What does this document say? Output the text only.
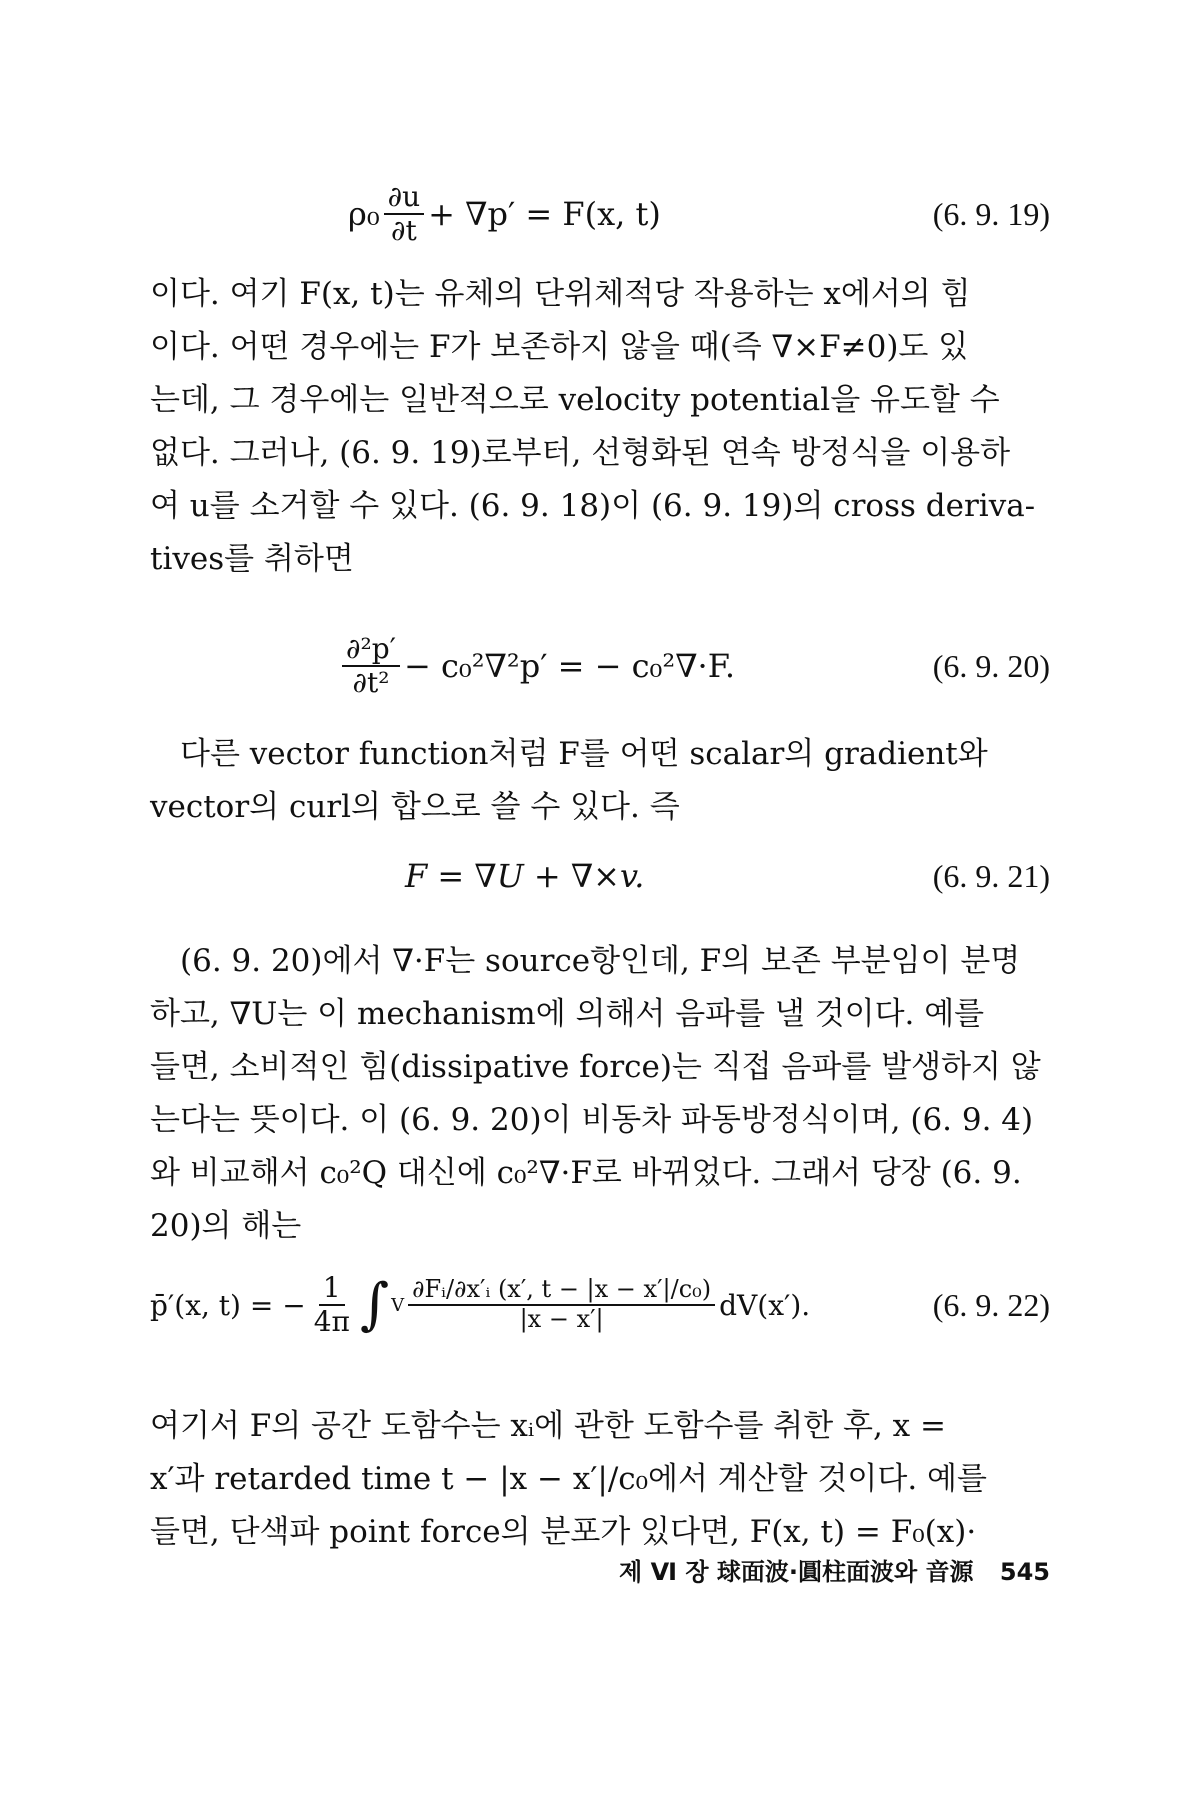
$\rho_0 \frac{\partial u}{\partial t} + \nabla p' = F(x$, t)	(6. 9. 19)
이다. 여기 F(x, t)는 유체의 단위체적당 작용하는 x에서의 힘
이다. 어떤 경우에는 F가 보존하지 않을 때(즉 ∇×F≠0)도 있
는데, 그 경우에는 일반적으로 velocity potential을 유도할 수
없다. 그러나, (6. 9. 19)로부터, 선형화된 연속 방정식을 이용하
여 u를 소거할 수 있다. (6. 9. 18)이 (6. 9. 19)의 cross deriva-
tives를 취하면
$\frac{\text{∂²p′}}{\text{∂t²}} - c_0^2\nabla^2p'$ = − c₀²∇·F.	(6. 9. 20)
다른 vector function처럼 F를 어떤 scalar의 gradient와
vector의 curl의 합으로 쓸 수 있다. 즉
F = ∇U + ∇×v.	(6. 9. 21)
(6. 9. 20)에서 ∇·F는 source항인데, F의 보존 부분임이 분명
하고, ∇U는 이 mechanism에 의해서 음파를 낼 것이다. 예를
들면, 소비적인 힘(dissipative force)는 직접 음파를 발생하지 않
는다는 뜻이다. 이 (6. 9. 20)이 비동차 파동방정식이며, (6. 9. 4)
와 비교해서 c₀²Q 대신에 c₀²∇·F로 바뀌었다. 그래서 당장 (6. 9.
20)의 해는
p̄′(x, t) = − $\frac{1}{4\pi}$ ∫ V $\frac{\text{∂Fᵢ/∂x′ᵢ (x′, t − |x − x′|/c₀)}}{|x - x'|} dV(x')$.	(6. 9. 22)
여기서 F의 공간 도함수는 xᵢ에 관한 도함수를 취한 후, x =
x′과 retarded time t − |x − x′|/c₀에서 계산할 것이다. 예를
들면, 단색파 point force의 분포가 있다면, F(x, t) = F₀(x)·
제 Ⅵ 장 球面波·圓柱面波와 音源 545
